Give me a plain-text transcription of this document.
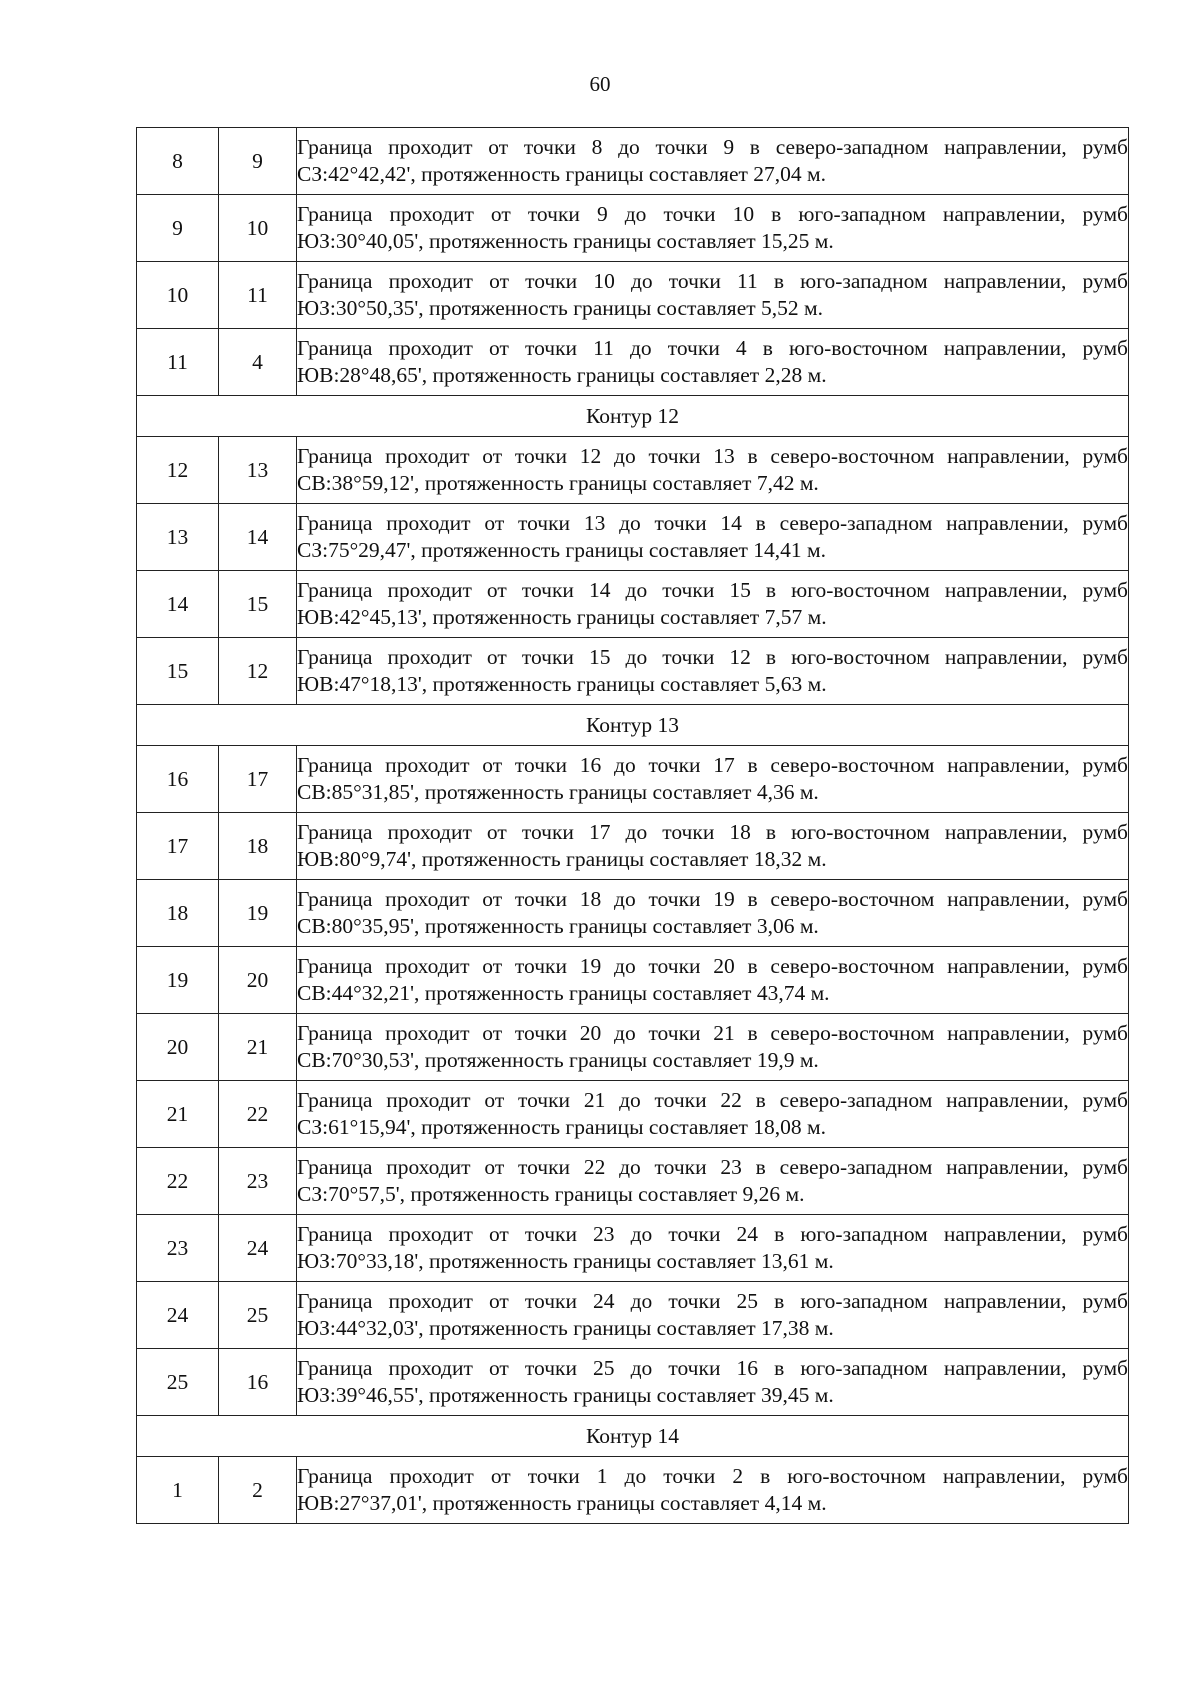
60
8	9	Граница проходит от точки 8 до точки 9 в северо-западном направлении, румб СЗ:42°42,42', протяженность границы составляет 27,04 м.
9	10	Граница проходит от точки 9 до точки 10 в юго-западном направлении, румб ЮЗ:30°40,05', протяженность границы составляет 15,25 м.
10	11	Граница проходит от точки 10 до точки 11 в юго-западном направлении, румб ЮЗ:30°50,35', протяженность границы составляет 5,52 м.
11	4	Граница проходит от точки 11 до точки 4 в юго-восточном направлении, румб ЮВ:28°48,65', протяженность границы составляет 2,28 м.
Контур 12		
12	13	Граница проходит от точки 12 до точки 13 в северо-восточном направлении, румб СВ:38°59,12', протяженность границы составляет 7,42 м.
13	14	Граница проходит от точки 13 до точки 14 в северо-западном направлении, румб СЗ:75°29,47', протяженность границы составляет 14,41 м.
14	15	Граница проходит от точки 14 до точки 15 в юго-восточном направлении, румб ЮВ:42°45,13', протяженность границы составляет 7,57 м.
15	12	Граница проходит от точки 15 до точки 12 в юго-восточном направлении, румб ЮВ:47°18,13', протяженность границы составляет 5,63 м.
Контур 13		
16	17	Граница проходит от точки 16 до точки 17 в северо-восточном направлении, румб СВ:85°31,85', протяженность границы составляет 4,36 м.
17	18	Граница проходит от точки 17 до точки 18 в юго-восточном направлении, румб ЮВ:80°9,74', протяженность границы составляет 18,32 м.
18	19	Граница проходит от точки 18 до точки 19 в северо-восточном направлении, румб СВ:80°35,95', протяженность границы составляет 3,06 м.
19	20	Граница проходит от точки 19 до точки 20 в северо-восточном направлении, румб СВ:44°32,21', протяженность границы составляет 43,74 м.
20	21	Граница проходит от точки 20 до точки 21 в северо-восточном направлении, румб СВ:70°30,53', протяженность границы составляет 19,9 м.
21	22	Граница проходит от точки 21 до точки 22 в северо-западном направлении, румб СЗ:61°15,94', протяженность границы составляет 18,08 м.
22	23	Граница проходит от точки 22 до точки 23 в северо-западном направлении, румб СЗ:70°57,5', протяженность границы составляет 9,26 м.
23	24	Граница проходит от точки 23 до точки 24 в юго-западном направлении, румб ЮЗ:70°33,18', протяженность границы составляет 13,61 м.
24	25	Граница проходит от точки 24 до точки 25 в юго-западном направлении, румб ЮЗ:44°32,03', протяженность границы составляет 17,38 м.
25	16	Граница проходит от точки 25 до точки 16 в юго-западном направлении, румб ЮЗ:39°46,55', протяженность границы составляет 39,45 м.
Контур 14		
1	2	Граница проходит от точки 1 до точки 2 в юго-восточном направлении, румб ЮВ:27°37,01', протяженность границы составляет 4,14 м.
